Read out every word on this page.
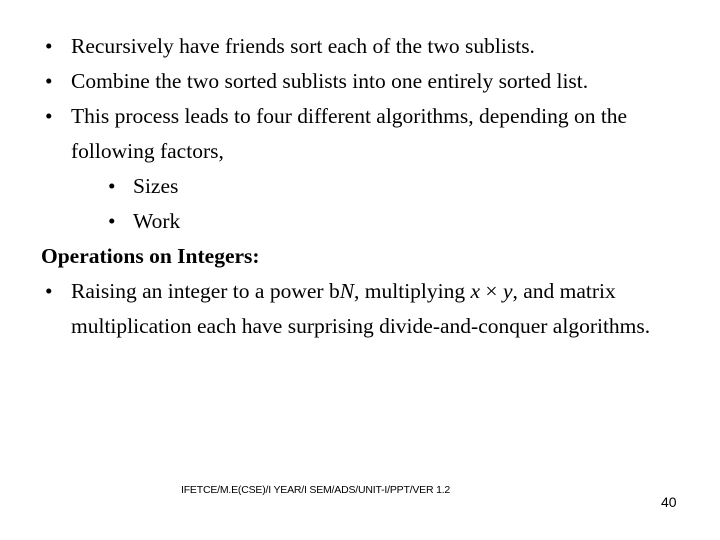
• Recursively have friends sort each of the two sublists.
• Combine the two sorted sublists into one entirely sorted list.
• This process leads to four different algorithms, depending on the following factors,
• Sizes
• Work
Operations on Integers:
• Raising an integer to a power bN, multiplying x × y, and matrix multiplication each have surprising divide-and-conquer algorithms.
IFETCE/M.E(CSE)/I YEAR/I SEM/ADS/UNIT-I/PPT/VER 1.2
40
